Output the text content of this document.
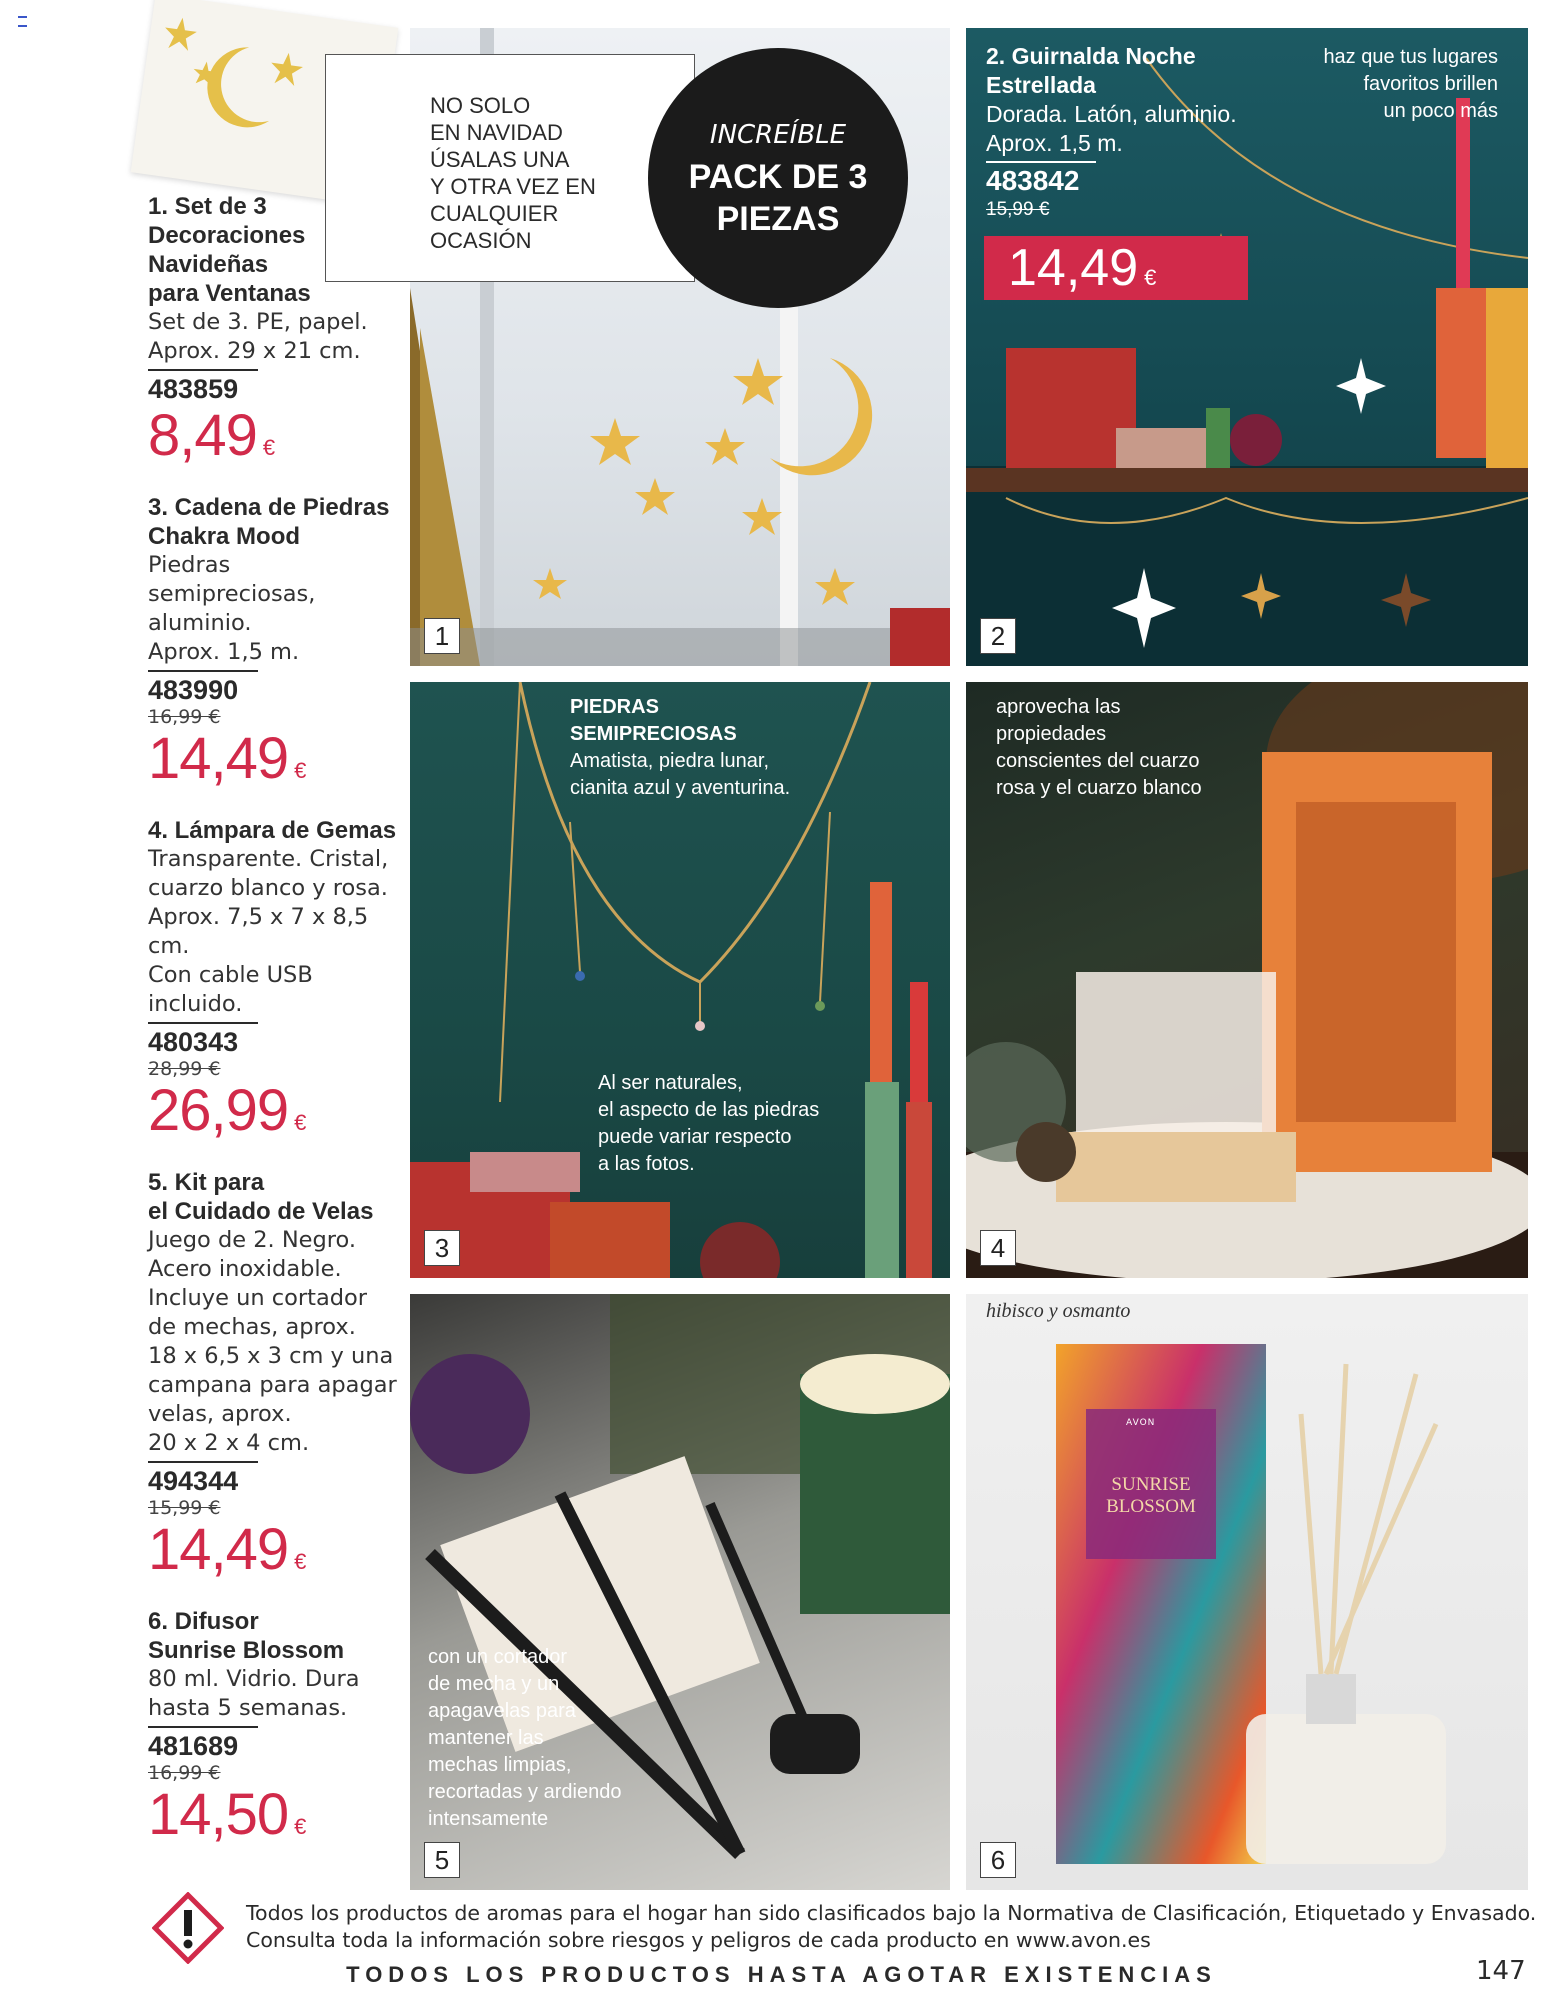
1. Set de 3
Decoraciones
Navideñas
para Ventanas
Set de 3. PE, papel.
Aprox. 29 x 21 cm.
483859
8,49 €
3. Cadena de Piedras
Chakra Mood
Piedras
semipreciosas,
aluminio.
Aprox. 1,5 m.
483990
16,99 €
14,49 €
4. Lámpara de Gemas
Transparente. Cristal,
cuarzo blanco y rosa.
Aprox. 7,5 x 7 x 8,5 cm.
Con cable USB
incluido.
480343
28,99 €
26,99 €
5. Kit para
el Cuidado de Velas
Juego de 2. Negro.
Acero inoxidable.
Incluye un cortador
de mechas, aprox.
18 x 6,5 x 3 cm y una
campana para apagar
velas, aprox.
20 x 2 x 4 cm.
494344
15,99 €
14,49 €
6. Difusor
Sunrise Blossom
80 ml. Vidrio. Dura
hasta 5 semanas.
481689
16,99 €
14,50 €
1
NO SOLO
EN NAVIDAD
ÚSALAS UNA
Y OTRA VEZ EN
CUALQUIER
OCASIÓN
INCREÍBLE
PACK DE 3
PIEZAS
2. Guirnalda Noche
Estrellada
Dorada. Latón, aluminio.
Aprox. 1,5 m.
483842
15,99 €
14,49 €
haz que tus lugares
favoritos brillen
un poco más
2
PIEDRAS
SEMIPRECIOSAS
Amatista, piedra lunar,
cianita azul y aventurina.
Al ser naturales,
el aspecto de las piedras
puede variar respecto
a las fotos.
3
aprovecha las
propiedades
conscientes del cuarzo
rosa y el cuarzo blanco
4
con un cortador
de mecha y un
apagavelas para
mantener las
mechas limpias,
recortadas y ardiendo
intensamente
5
hibisco y osmanto
AVON
SUNRISE
BLOSSOM
6
Todos los productos de aromas para el hogar han sido clasificados bajo la Normativa de Clasificación, Etiquetado y Envasado.
Consulta toda la información sobre riesgos y peligros de cada producto en www.avon.es
TODOS LOS PRODUCTOS HASTA AGOTAR EXISTENCIAS	147
